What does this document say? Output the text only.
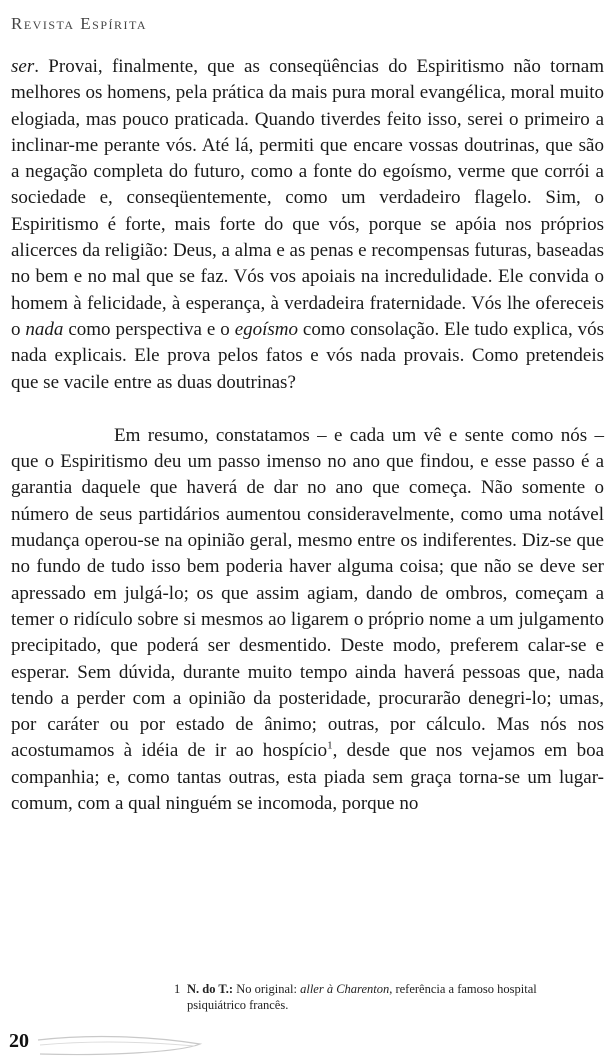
Revista Espírita

ser. Provai, finalmente, que as conseqüências do Espiritismo não tornam melhores os homens, pela prática da mais pura moral evangélica, moral muito elogiada, mas pouco praticada. Quando tiverdes feito isso, serei o primeiro a inclinar-me perante vós. Até lá, permiti que encare vossas doutrinas, que são a negação completa do futuro, como a fonte do egoísmo, verme que corrói a sociedade e, conseqüentemente, como um verdadeiro flagelo. Sim, o Espiritismo é forte, mais forte do que vós, porque se apóia nos próprios alicerces da religião: Deus, a alma e as penas e recompensas futuras, baseadas no bem e no mal que se faz. Vós vos apoiais na incredulidade. Ele convida o homem à felicidade, à esperança, à verdadeira fraternidade. Vós lhe ofereceis o nada como perspectiva e o egoísmo como consolação. Ele tudo explica, vós nada explicais. Ele prova pelos fatos e vós nada provais. Como pretendeis que se vacile entre as duas doutrinas?

Em resumo, constatamos – e cada um vê e sente como nós – que o Espiritismo deu um passo imenso no ano que findou, e esse passo é a garantia daquele que haverá de dar no ano que começa. Não somente o número de seus partidários aumentou consideravelmente, como uma notável mudança operou-se na opinião geral, mesmo entre os indiferentes. Diz-se que no fundo de tudo isso bem poderia haver alguma coisa; que não se deve ser apressado em julgá-lo; os que assim agiam, dando de ombros, começam a temer o ridículo sobre si mesmos ao ligarem o próprio nome a um julgamento precipitado, que poderá ser desmentido. Deste modo, preferem calar-se e esperar. Sem dúvida, durante muito tempo ainda haverá pessoas que, nada tendo a perder com a opinião da posteridade, procurarão denegri-lo; umas, por caráter ou por estado de ânimo; outras, por cálculo. Mas nós nos acostumamos à idéia de ir ao hospício$^1$, desde que nos vejamos em boa companhia; e, como tantas outras, esta piada sem graça torna-se um lugar-comum, com a qual ninguém se incomoda, porque no

1 N. do T.: No original: aller à Charenton, referência a famoso hospital
psiquiátrico francês.
20
